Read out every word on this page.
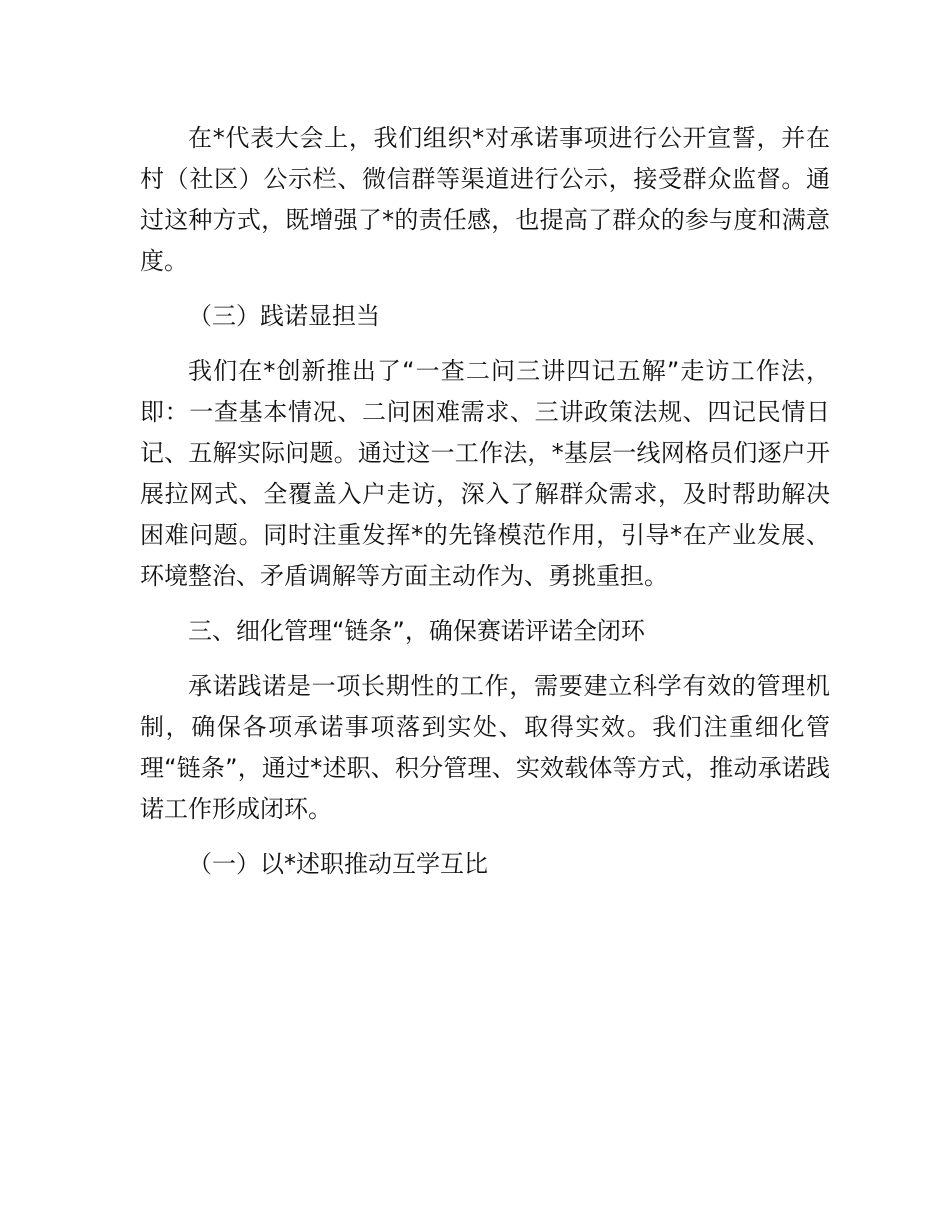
在*代表大会上，我们组织*对承诺事项进行公开宣誓，并在村（社区）公示栏、微信群等渠道进行公示，接受群众监督。通过这种方式，既增强了*的责任感，也提高了群众的参与度和满意度。

（三）践诺显担当

我们在*创新推出了“一查二问三讲四记五解”走访工作法，即：一查基本情况、二问困难需求、三讲政策法规、四记民情日记、五解实际问题。通过这一工作法，*基层一线网格员们逐户开展拉网式、全覆盖入户走访，深入了解群众需求，及时帮助解决困难问题。同时注重发挥*的先锋模范作用，引导*在产业发展、环境整治、矛盾调解等方面主动作为、勇挑重担。

三、细化管理“链条”，确保赛诺评诺全闭环

承诺践诺是一项长期性的工作，需要建立科学有效的管理机制，确保各项承诺事项落到实处、取得实效。我们注重细化管理“链条”，通过*述职、积分管理、实效载体等方式，推动承诺践诺工作形成闭环。

（一）以*述职推动互学互比
